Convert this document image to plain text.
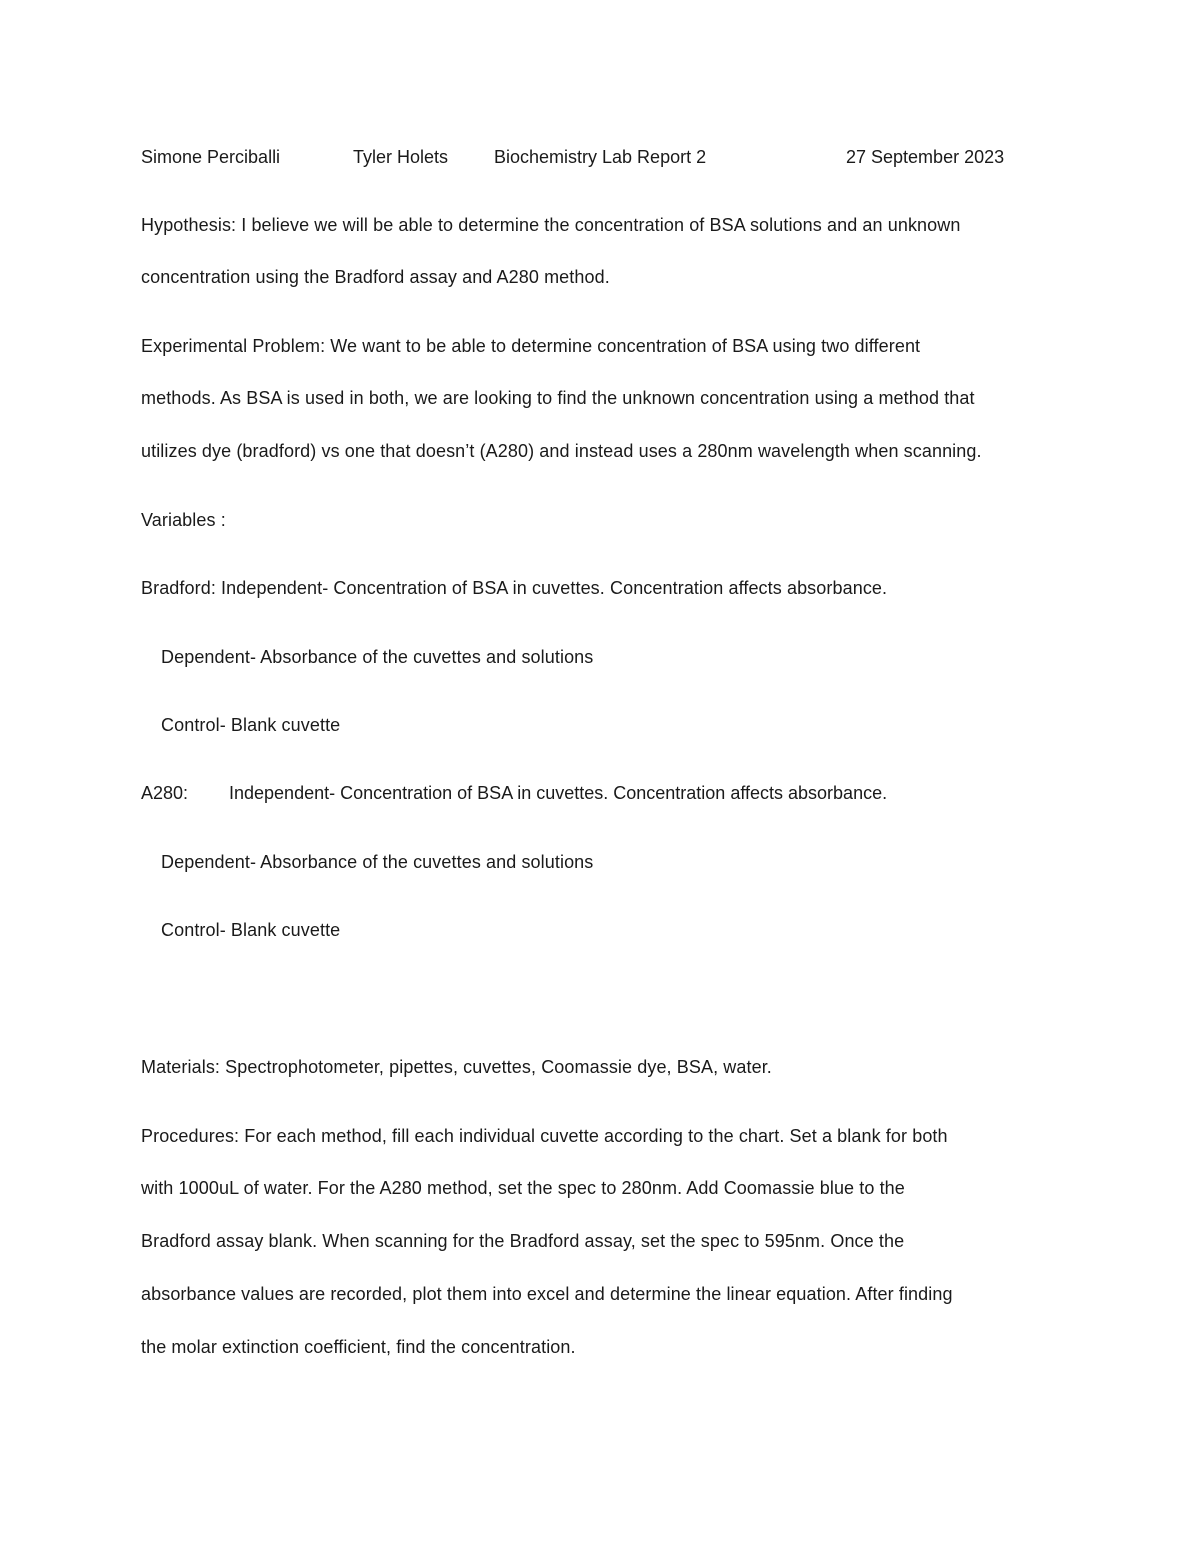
Simone Perciballi	Tyler Holets	Biochemistry Lab Report 2	27 September 2023
Hypothesis: I believe we will be able to determine the concentration of BSA solutions and an unknown
concentration using the Bradford assay and A280 method.
Experimental Problem: We want to be able to determine concentration of BSA using two different
methods. As BSA is used in both, we are looking to find the unknown concentration using a method that
utilizes dye (bradford) vs one that doesn’t (A280) and instead uses a 280nm wavelength when scanning.
Variables :
Bradford: Independent- Concentration of BSA in cuvettes. Concentration affects absorbance.
Dependent- Absorbance of the cuvettes and solutions
Control- Blank cuvette
A280: Independent- Concentration of BSA in cuvettes. Concentration affects absorbance.
Dependent- Absorbance of the cuvettes and solutions
Control- Blank cuvette
Materials: Spectrophotometer, pipettes, cuvettes, Coomassie dye, BSA, water.
Procedures: For each method, fill each individual cuvette according to the chart. Set a blank for both
with 1000uL of water. For the A280 method, set the spec to 280nm. Add Coomassie blue to the
Bradford assay blank. When scanning for the Bradford assay, set the spec to 595nm. Once the
absorbance values are recorded, plot them into excel and determine the linear equation. After finding
the molar extinction coefficient, find the concentration.
